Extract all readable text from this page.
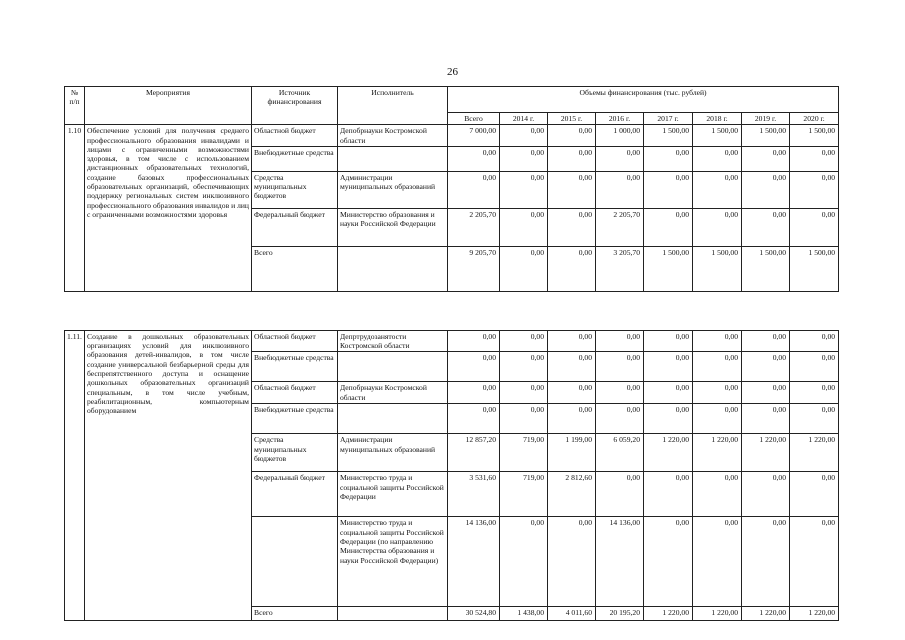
26
№ п/п	Мероприятия	Источник финансирования	Исполнитель	Объемы финансирования (тыс. рублей)							
				Всего	2014 г.	2015 г.	2016 г.	2017 г.	2018 г.	2019 г.	2020 г.
1.10	Обеспечение условий для получения среднего профессионального образования инвалидами и лицами с ограниченными возможностями здоровья, в том числе с использованием дистанционных образовательных технологий, создание базовых профессиональных образовательных организаций, обеспечивающих поддержку региональных систем инклюзивного профессионального образования инвалидов и лиц с ограниченными возможностями здоровья	Областной бюджет	Депобрнауки Костромской области	7 000,00	0,00	0,00	1 000,00	1 500,00	1 500,00	1 500,00	1 500,00
		Внебюджетные средства		0,00	0,00	0,00	0,00	0,00	0,00	0,00	0,00
		Средства муниципальных бюджетов	Администрации муниципальных образований	0,00	0,00	0,00	0,00	0,00	0,00	0,00	0,00
		Федеральный бюджет	Министерство образования и науки Российской Федерации	2 205,70	0,00	0,00	2 205,70	0,00	0,00	0,00	0,00
		Всего		9 205,70	0,00	0,00	3 205,70	1 500,00	1 500,00	1 500,00	1 500,00

1.11.	Создание в дошкольных образовательных организациях условий для инклюзивного образования детей-инвалидов, в том числе создание универсальной безбарьерной среды для беспрепятственного доступа и оснащение дошкольных образовательных организаций специальным, в том числе учебным, реабилитационным, компьютерным оборудованием	Областной бюджет	Депртрудозанятости Костромской области	0,00	0,00	0,00	0,00	0,00	0,00	0,00	0,00
		Внебюджетные средства		0,00	0,00	0,00	0,00	0,00	0,00	0,00	0,00
		Областной бюджет	Депобрнауки Костромской области	0,00	0,00	0,00	0,00	0,00	0,00	0,00	0,00
		Внебюджетные средства		0,00	0,00	0,00	0,00	0,00	0,00	0,00	0,00
		Средства муниципальных бюджетов	Администрации муниципальных образований	12 857,20	719,00	1 199,00	6 059,20	1 220,00	1 220,00	1 220,00	1 220,00
		Федеральный бюджет	Министерство труда и социальной защиты Российской Федерации	3 531,60	719,00	2 812,60	0,00	0,00	0,00	0,00	0,00
			Министерство труда и социальной защиты Российской Федерации (по направлению Министерства образования и науки Российской Федерации)	14 136,00	0,00	0,00	14 136,00	0,00	0,00	0,00	0,00
		Всего		30 524,80	1 438,00	4 011,60	20 195,20	1 220,00	1 220,00	1 220,00	1 220,00
